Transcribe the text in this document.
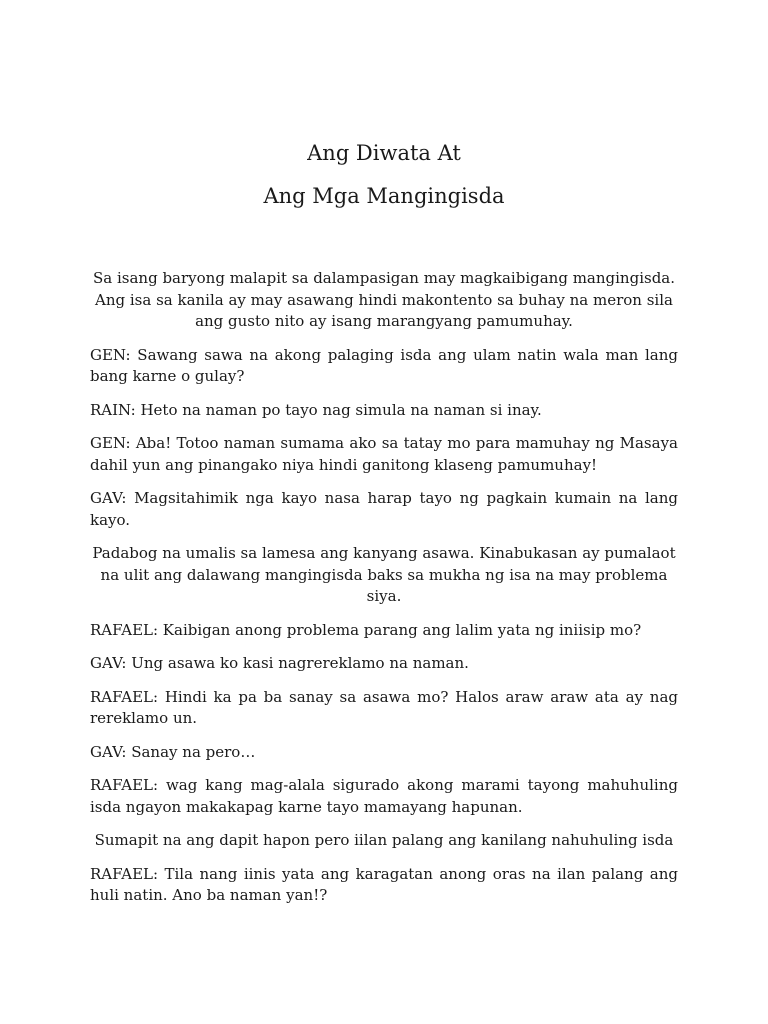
Ang Diwata At
Ang Mga Mangingisda

Sa isang baryong malapit sa dalampasigan may magkaibigang mangingisda. Ang isa sa kanila ay may asawang hindi makontento sa buhay na meron sila ang gusto nito ay isang marangyang pamumuhay.

GEN: Sawang sawa na akong palaging isda ang ulam natin wala man lang bang karne o gulay?

RAIN: Heto na naman po tayo nag simula na naman si inay.

GEN: Aba! Totoo naman sumama ako sa tatay mo para mamuhay ng Masaya dahil yun ang pinangako niya hindi ganitong klaseng pamumuhay!

GAV: Magsitahimik nga kayo nasa harap tayo ng pagkain kumain na lang kayo.

Padabog na umalis sa lamesa ang kanyang asawa. Kinabukasan ay pumalaot na ulit ang dalawang mangingisda baks sa mukha ng isa na may problema siya.

RAFAEL: Kaibigan anong problema parang ang lalim yata ng iniisip mo?

GAV: Ung asawa ko kasi nagrereklamo na naman.

RAFAEL: Hindi ka pa ba sanay sa asawa mo? Halos araw araw ata ay nag rereklamo un.

GAV: Sanay na pero…

RAFAEL: wag kang mag-alala sigurado akong marami tayong mahuhuling isda ngayon makakapag karne tayo mamayang hapunan.

Sumapit na ang dapit hapon pero iilan palang ang kanilang nahuhuling isda

RAFAEL: Tila nang iinis yata ang karagatan anong oras na ilan palang ang huli natin. Ano ba naman yan!?
